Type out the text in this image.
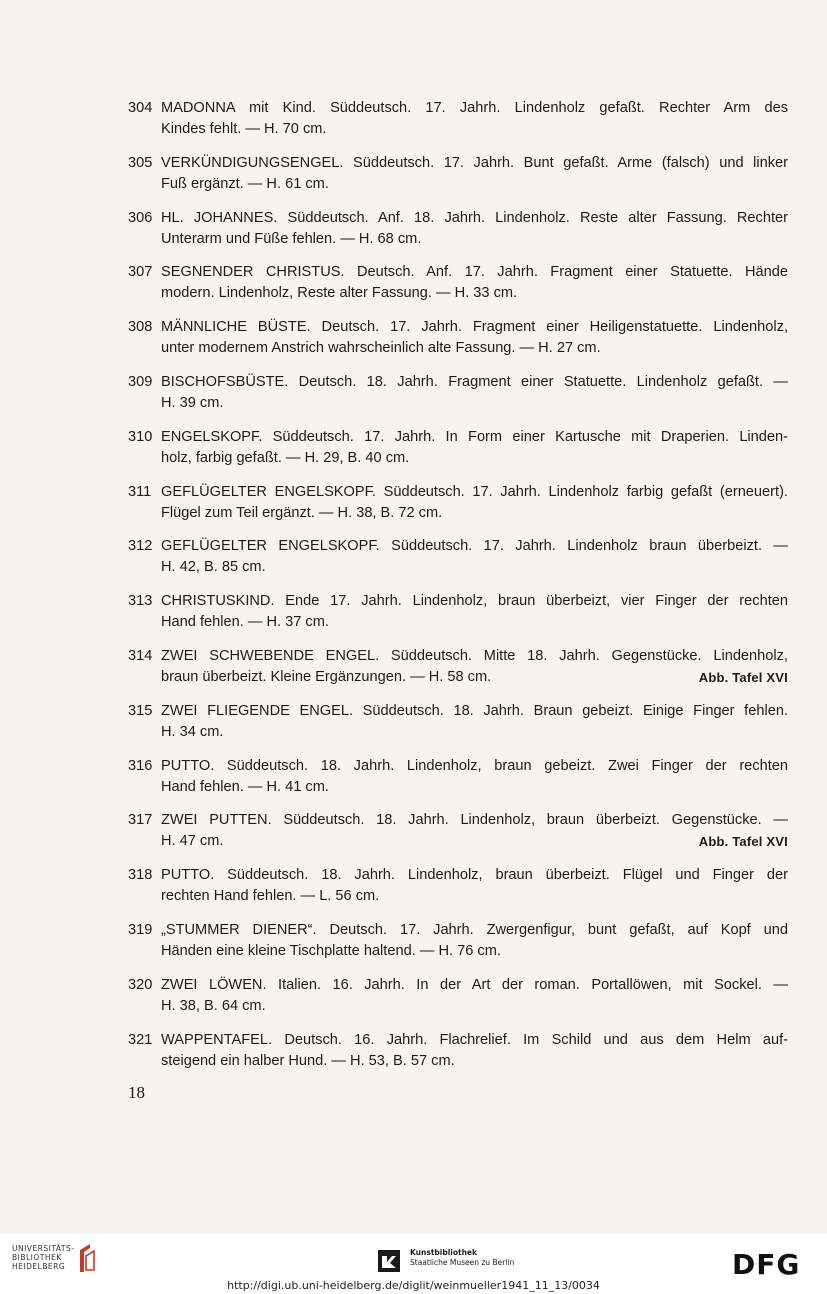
304 MADONNA mit Kind. Süddeutsch. 17. Jahrh. Lindenholz gefaßt. Rechter Arm des
Kindes fehlt. — H. 70 cm.
305 VERKÜNDIGUNGSENGEL. Süddeutsch. 17. Jahrh. Bunt gefaßt. Arme (falsch) und linker
Fuß ergänzt. — H. 61 cm.
306 HL. JOHANNES. Süddeutsch. Anf. 18. Jahrh. Lindenholz. Reste alter Fassung. Rechter
Unterarm und Füße fehlen. — H. 68 cm.
307 SEGNENDER CHRISTUS. Deutsch. Anf. 17. Jahrh. Fragment einer Statuette. Hände
modern. Lindenholz, Reste alter Fassung. — H. 33 cm.
308 MÄNNLICHE BÜSTE. Deutsch. 17. Jahrh. Fragment einer Heiligenstatuette. Lindenholz,
unter modernem Anstrich wahrscheinlich alte Fassung. — H. 27 cm.
309 BISCHOFSBÜSTE. Deutsch. 18. Jahrh. Fragment einer Statuette. Lindenholz gefaßt. —
H. 39 cm.
310 ENGELSKOPF. Süddeutsch. 17. Jahrh. In Form einer Kartusche mit Draperien. Linden-
holz, farbig gefaßt. — H. 29, B. 40 cm.
311 GEFLÜGELTER ENGELSKOPF. Süddeutsch. 17. Jahrh. Lindenholz farbig gefaßt (erneuert).
Flügel zum Teil ergänzt. — H. 38, B. 72 cm.
312 GEFLÜGELTER ENGELSKOPF. Süddeutsch. 17. Jahrh. Lindenholz braun überbeizt. —
H. 42, B. 85 cm.
313 CHRISTUSKIND. Ende 17. Jahrh. Lindenholz, braun überbeizt, vier Finger der rechten
Hand fehlen. — H. 37 cm.
314 ZWEI SCHWEBENDE ENGEL. Süddeutsch. Mitte 18. Jahrh. Gegenstücke. Lindenholz,
braun überbeizt. Kleine Ergänzungen. — H. 58 cm.	Abb. Tafel XVI
315 ZWEI FLIEGENDE ENGEL. Süddeutsch. 18. Jahrh. Braun gebeizt. Einige Finger fehlen.
H. 34 cm.
316 PUTTO. Süddeutsch. 18. Jahrh. Lindenholz, braun gebeizt. Zwei Finger der rechten
Hand fehlen. — H. 41 cm.
317 ZWEI PUTTEN. Süddeutsch. 18. Jahrh. Lindenholz, braun überbeizt. Gegenstücke. —
H. 47 cm.	Abb. Tafel XVI
318 PUTTO. Süddeutsch. 18. Jahrh. Lindenholz, braun überbeizt. Flügel und Finger der
rechten Hand fehlen. — L. 56 cm.
319 „STUMMER DIENER“. Deutsch. 17. Jahrh. Zwergenfigur, bunt gefaßt, auf Kopf und
Händen eine kleine Tischplatte haltend. — H. 76 cm.
320 ZWEI LÖWEN. Italien. 16. Jahrh. In der Art der roman. Portallöwen, mit Sockel. —
H. 38, B. 64 cm.
321 WAPPENTAFEL. Deutsch. 16. Jahrh. Flachrelief. Im Schild und aus dem Helm auf-
steigend ein halber Hund. — H. 53, B. 57 cm.
18
UNIVERSITÄTS-
BIBLIOTHEK
HEIDELBERG
Kunstbibliothek
Staatliche Museen zu Berlin	DFG
http://digi.ub.uni-heidelberg.de/diglit/weinmueller1941_11_13/0034
